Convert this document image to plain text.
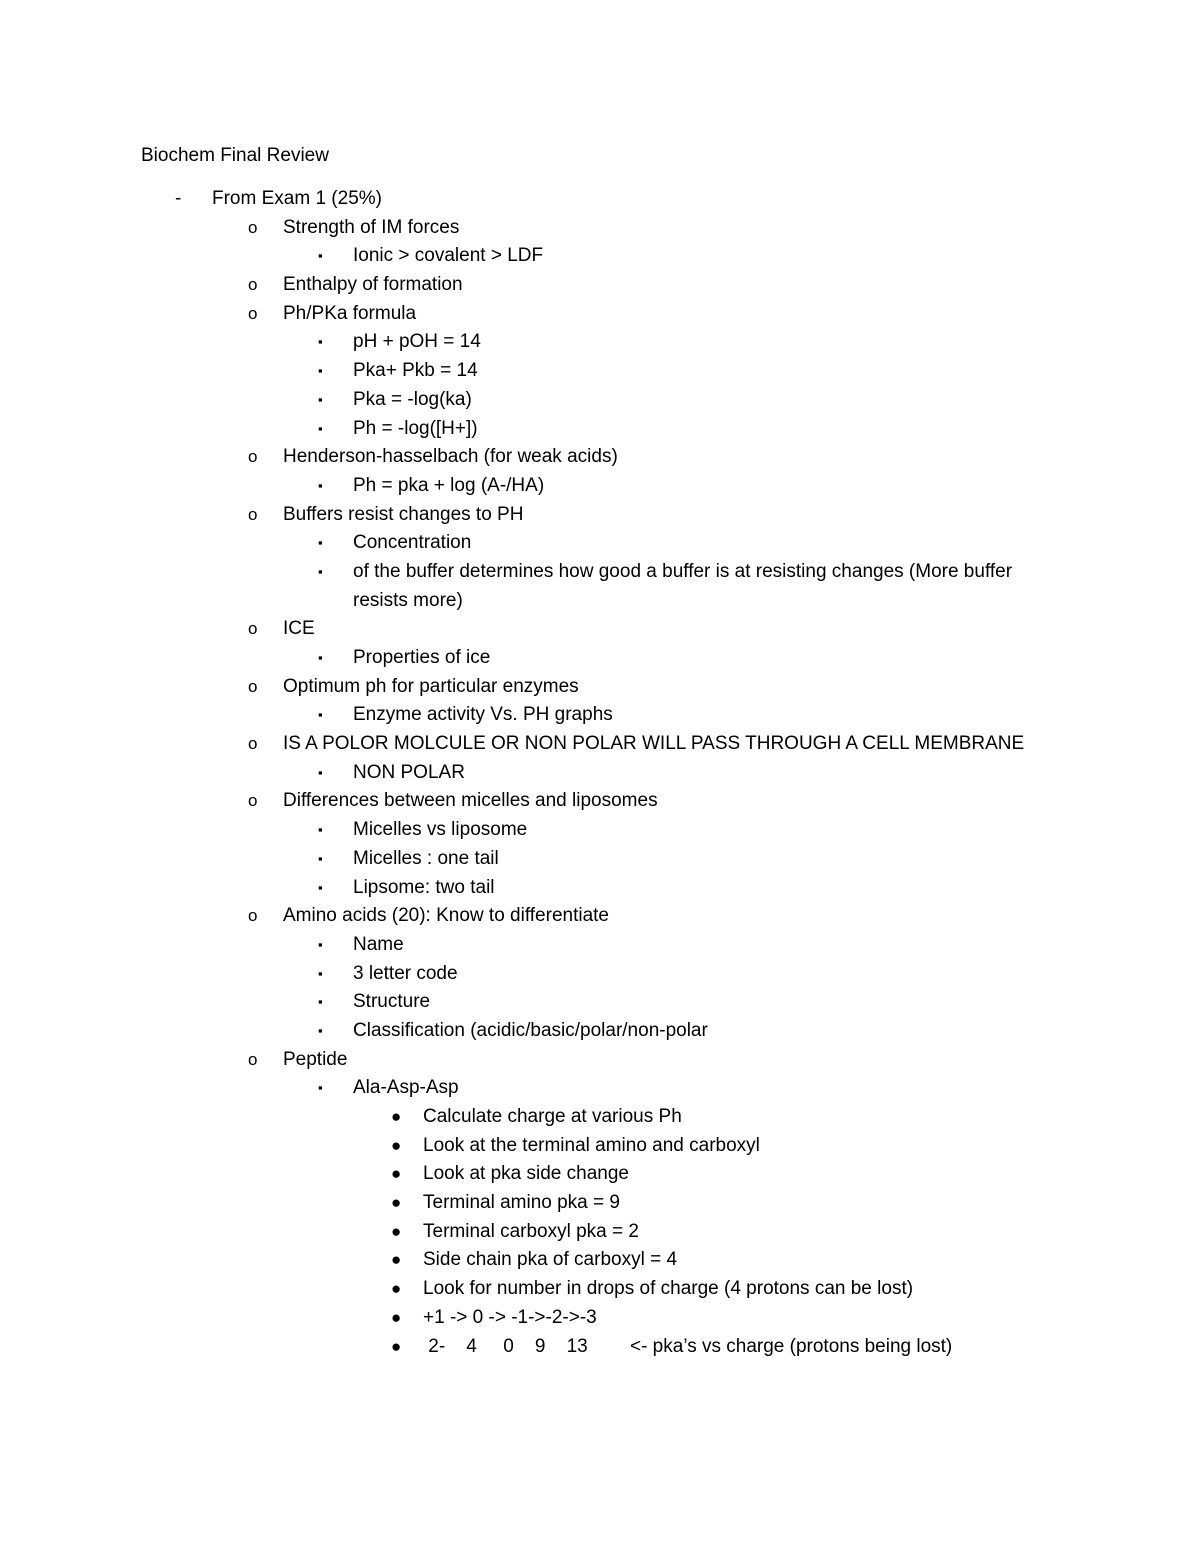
Biochem Final Review
- From Exam 1 (25%)
o Strength of IM forces
▪ Ionic > covalent > LDF
o Enthalpy of formation
o Ph/PKa formula
▪ pH + pOH = 14
▪ Pka+ Pkb = 14
▪ Pka = -log(ka)
▪ Ph = -log([H+])
o Henderson-hasselbach (for weak acids)
▪ Ph = pka + log (A-/HA)
o Buffers resist changes to PH
▪ Concentration
▪ of the buffer determines how good a buffer is at resisting changes (More buffer resists more)
o ICE
▪ Properties of ice
o Optimum ph for particular enzymes
▪ Enzyme activity Vs. PH graphs
o IS A POLOR MOLCULE OR NON POLAR WILL PASS THROUGH A CELL MEMBRANE
▪ NON POLAR
o Differences between micelles and liposomes
▪ Micelles vs liposome
▪ Micelles : one tail
▪ Lipsome: two tail
o Amino acids (20): Know to differentiate
▪ Name
▪ 3 letter code
▪ Structure
▪ Classification (acidic/basic/polar/non-polar
o Peptide
▪ Ala-Asp-Asp
● Calculate charge at various Ph
● Look at the terminal amino and carboxyl
● Look at pka side change
● Terminal amino pka = 9
● Terminal carboxyl pka = 2
● Side chain pka of carboxyl = 4
● Look for number in drops of charge (4 protons can be lost)
● +1 -> 0 -> -1->-2->-3
● 2-    4     0    9    13        <- pka’s vs charge (protons being lost)
